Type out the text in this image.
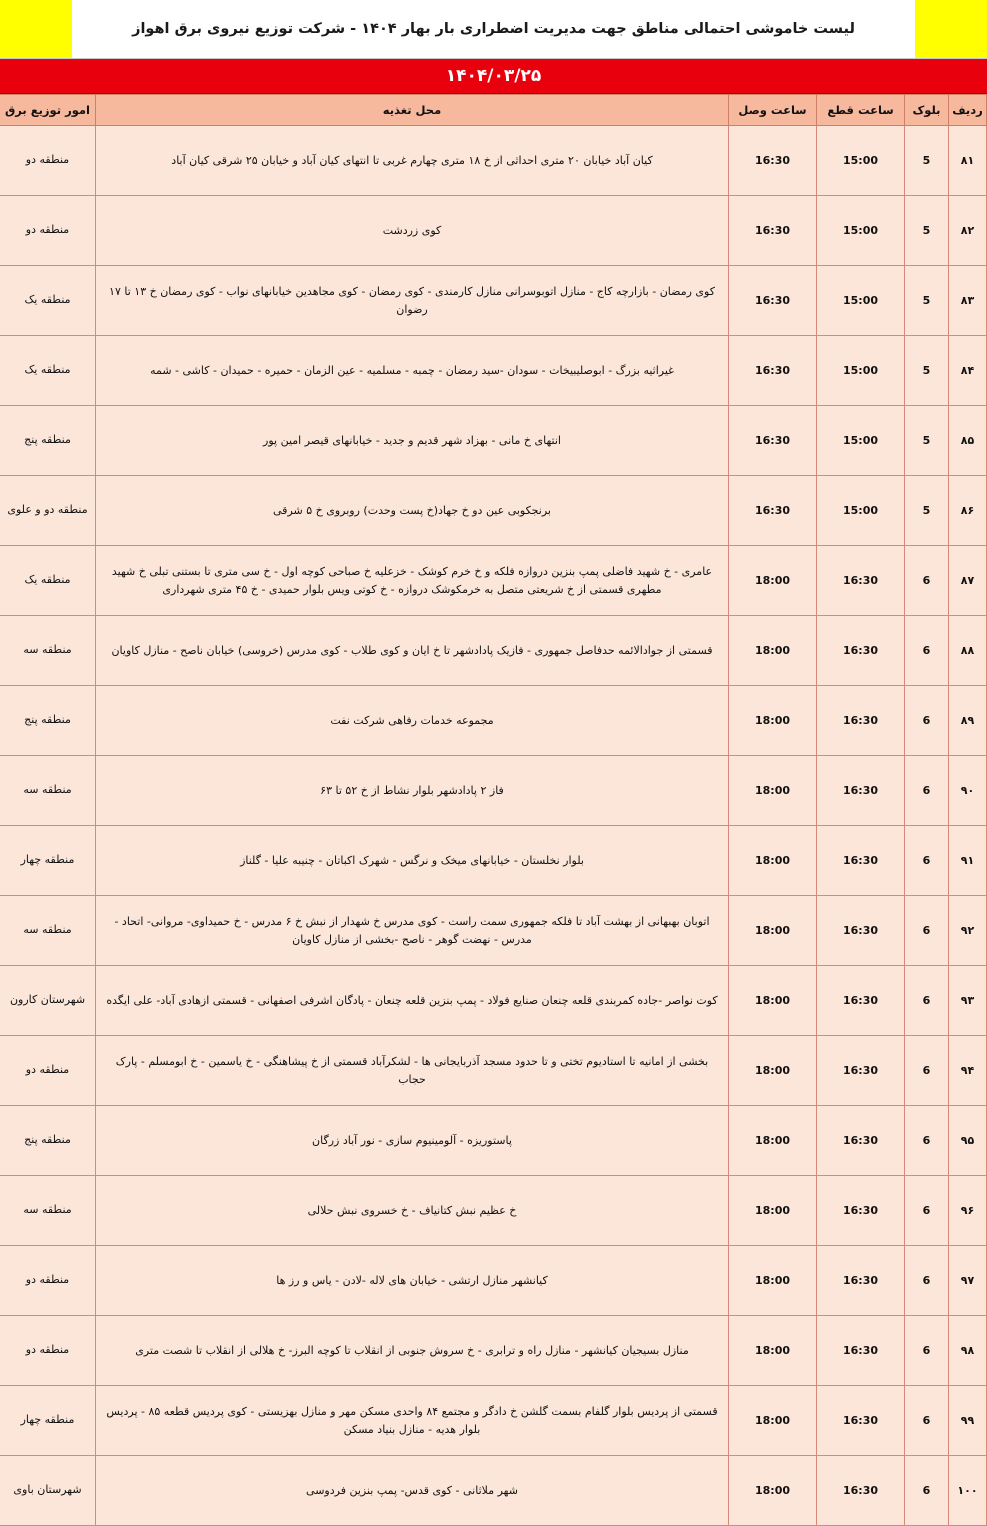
لیست خاموشی احتمالی مناطق جهت مدیریت اضطراری بار بهار ۱۴۰۴ - شرکت توزیع نیروی برق اهواز
۱۴۰۴/۰۳/۲۵
ردیف	بلوک	ساعت قطع	ساعت وصل	محل تغذیه	امور توزیع برق
۸۱	5	15:00	16:30	کیان آباد خیابان ۲۰ متری احداثی از خ ۱۸ متری چهارم غربی تا انتهای کیان آباد و خیابان ۲۵ شرقی کیان آباد	منطقه دو
۸۲	5	15:00	16:30	کوی زردشت	منطقه دو
۸۳	5	15:00	16:30	کوی رمضان - بازارچه کاج - منازل اتوبوسرانی منازل کارمندی - کوی رمضان - کوی مجاهدین خیابانهای نواب - کوی رمضان خ ۱۳ تا ۱۷ رضوان	منطقه یک
۸۴	5	15:00	16:30	غیراثیه بزرگ - ابوصلیبیخات - سودان -سید رمضان - چمبه - مسلمیه - عین الزمان - حمیره - حمیدان - کاشی - شمه	منطقه یک
۸۵	5	15:00	16:30	انتهای خ مانی - بهزاد شهر قدیم و جدید - خیابانهای قیصر امین پور	منطقه پنج
۸۶	5	15:00	16:30	برنجکوبی عین دو خ جهاد(خ پست وحدت) روبروی خ ۵ شرقی	منطقه دو و علوی
۸۷	6	16:30	18:00	عامری - خ شهید فاضلی پمپ بنزین دروازه فلکه و خ خرم کوشک - خزعلیه خ صباحی کوچه اول - خ سی متری تا بستنی تبلی خ شهید مطهری قسمتی از خ شریعتی متصل به خرمکوشک دروازه - خ کوتی ویس بلوار حمیدی - خ ۴۵ متری شهرداری	منطقه یک
۸۸	6	16:30	18:00	قسمتی از جوادالائمه حدفاصل جمهوری - فازیک پادادشهر تا خ ایان و کوی طلاب - کوی مدرس (خروسی) خیابان ناصح - منازل کاویان	منطقه سه
۸۹	6	16:30	18:00	مجموعه خدمات رفاهی شرکت نفت	منطقه پنج
۹۰	6	16:30	18:00	فاز ۲ پادادشهر بلوار نشاط از خ ۵۲ تا ۶۳	منطقه سه
۹۱	6	16:30	18:00	بلوار نخلستان - خیابانهای میخک و نرگس - شهرک اکباتان - چنیبه علیا - گلناز	منطقه چهار
۹۲	6	16:30	18:00	اتوبان بهبهانی از بهشت آباد تا فلکه جمهوری سمت راست - کوی مدرس خ شهدار از نبش خ ۶ مدرس - خ حمیداوی- مروانی- اتحاد - مدرس - نهضت گوهر - ناصح -بخشی از منازل کاویان	منطقه سه
۹۳	6	16:30	18:00	کوت نواصر -جاده کمربندی قلعه چنعان صنایع فولاد - پمپ بنزین قلعه چنعان - پادگان اشرفی اصفهانی - قسمتی ازهادی آباد- علی ایگده	شهرستان کارون
۹۴	6	16:30	18:00	بخشی از امانیه تا استادیوم تختی و تا حدود مسجد آذربایجانی ها - لشکرآباد قسمتی از خ پیشاهنگی - خ یاسمین - خ ابومسلم - پارک حجاب	منطقه دو
۹۵	6	16:30	18:00	پاستوریزه - آلومینیوم سازی - نور آباد زرگان	منطقه پنج
۹۶	6	16:30	18:00	خ عظیم نبش کتانیاف - خ خسروی نبش حلالی	منطقه سه
۹۷	6	16:30	18:00	کیانشهر منازل ارتشی - خیابان های لاله -لادن - یاس و رز ها	منطقه دو
۹۸	6	16:30	18:00	منازل بسیجیان کیانشهر - منازل راه و ترابری - خ سروش جنوبی از انقلاب تا کوچه البرز- خ هلالی از انقلاب تا شصت متری	منطقه دو
۹۹	6	16:30	18:00	قسمتی از پردیس بلوار گلفام بسمت گلشن خ دادگر و مجتمع ۸۴ واحدی مسکن مهر و منازل بهزیستی - کوی پردیس قطعه ۸۵ - پردیس بلوار هدیه - منازل بنیاد مسکن	منطقه چهار
۱۰۰	6	16:30	18:00	شهر ملاثانی - کوی قدس- پمپ بنزین فردوسی	شهرستان باوی
